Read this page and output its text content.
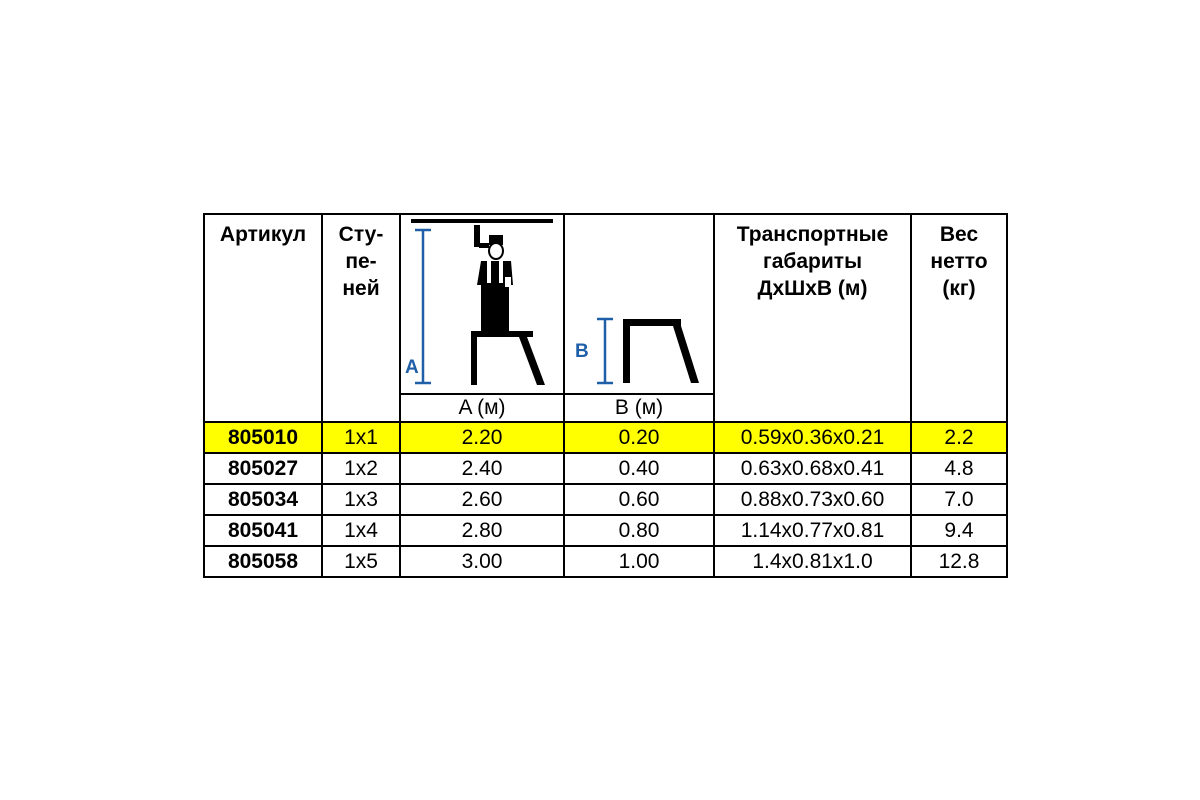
Артикул	Сту-
пе-
ней	A	B	Транспортные
габариты
ДхШхВ (м)	Вес
нетто
(кг)

		A (м)	B (м)		
805010	1x1	2.20	0.20	0.59x0.36x0.21	2.2
805027	1x2	2.40	0.40	0.63x0.68x0.41	4.8
805034	1x3	2.60	0.60	0.88x0.73x0.60	7.0
805041	1x4	2.80	0.80	1.14x0.77x0.81	9.4
805058	1x5	3.00	1.00	1.4x0.81x1.0	12.8
